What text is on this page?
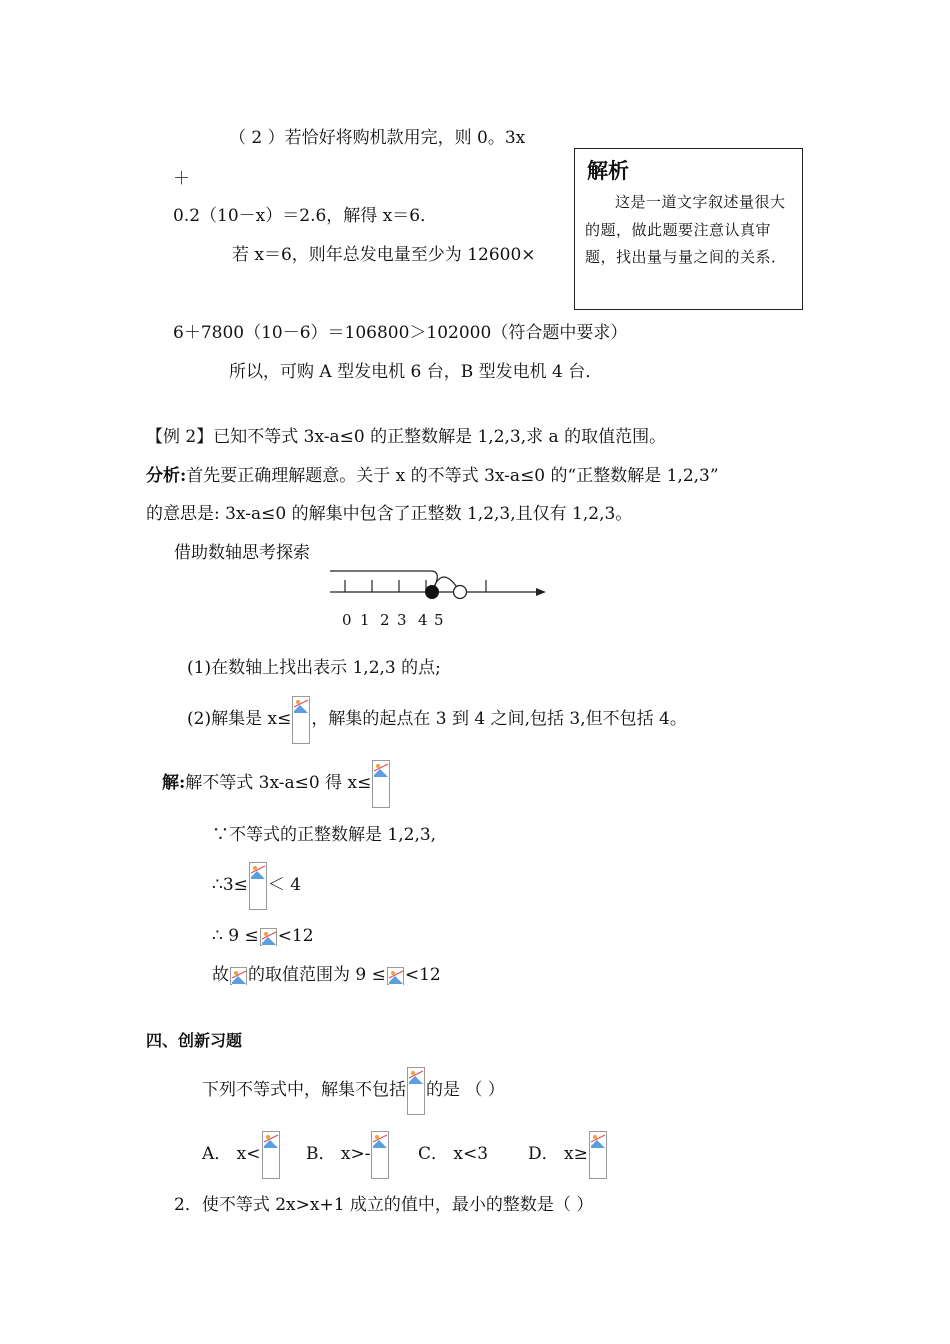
（ 2 ）若恰好将购机款用完，则 0。3x
＋
0.2（10－x）＝2.6，解得 x＝6．
若 x＝6，则年总发电量至少为 12600×
6＋7800（10－6）＝106800＞102000（符合题中要求）
所以，可购 A 型发电机 6 台，B 型发电机 4 台．
解析
这是一道文字叙述量很大的题，做此题要注意认真审题，找出量与量之间的关系．
【例 2】已知不等式 3x-a≤0 的正整数解是 1,2,3,求 a 的取值范围。
分析:首先要正确理解题意。关于 x 的不等式 3x-a≤0 的“正整数解是 1,2,3”
的意思是: 3x-a≤0 的解集中包含了正整数 1,2,3,且仅有 1,2,3。
借助数轴思考探索
0 1 2 3 4 5
(1)在数轴上找出表示 1,2,3 的点;
(2)解集是 x≤ ，解集的起点在 3 到 4 之间,包括 3,但不包括 4。
解:解不等式 3x-a≤0 得 x≤
∵不等式的正整数解是 1,2,3,
∴3≤ ＜ 4
∴ 9 ≤ <12
故 的取值范围为 9 ≤ <12
四、创新习题
下列不等式中，解集不包括 的是 （ ）
A． x<	B． x>-	C． x<3 D． x≥
2．使不等式 2x>x+1 成立的值中，最小的整数是（ ）
